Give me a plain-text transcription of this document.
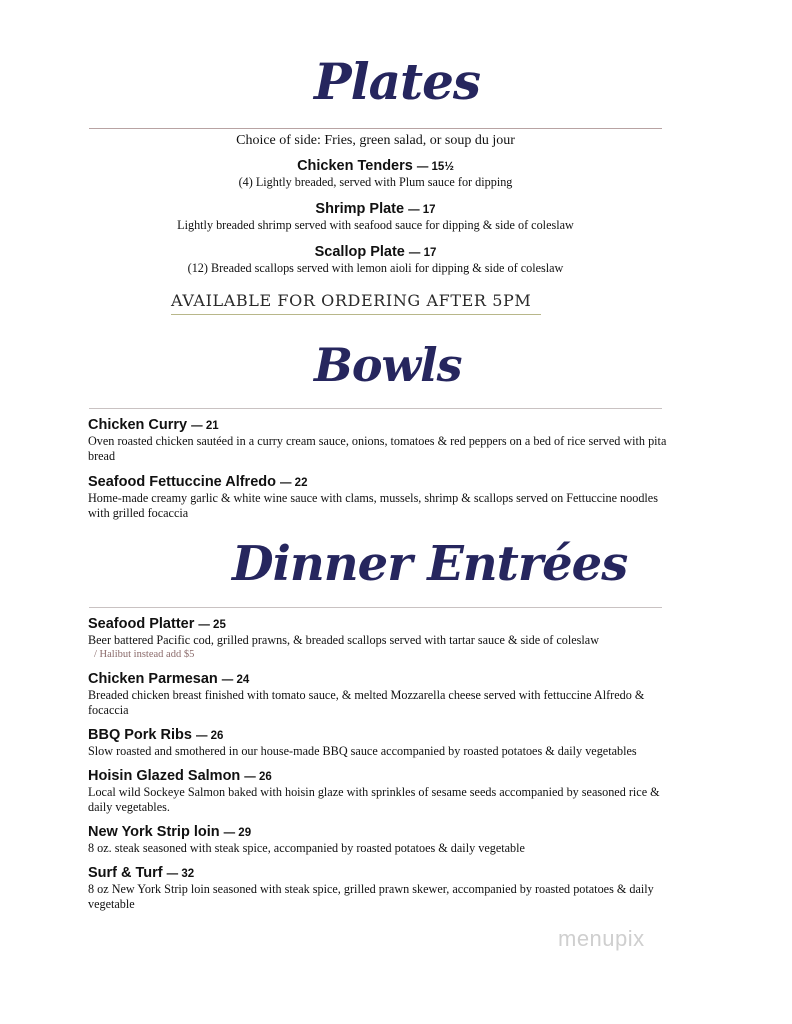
Plates
Choice of side: Fries, green salad, or soup du jour
Chicken Tenders — 15½
(4) Lightly breaded, served with Plum sauce for dipping
Shrimp Plate — 17
Lightly breaded shrimp served with seafood sauce for dipping & side of coleslaw
Scallop Plate — 17
(12) Breaded scallops served with lemon aioli for dipping & side of coleslaw
AVAILABLE FOR ORDERING AFTER 5PM
Bowls
Chicken Curry — 21
Oven roasted chicken sautéed in a curry cream sauce, onions, tomatoes & red peppers on a bed of rice served with pita bread
Seafood Fettuccine Alfredo — 22
Home-made creamy garlic & white wine sauce with clams, mussels, shrimp & scallops served on Fettuccine noodles with grilled focaccia
Dinner Entrées
Seafood Platter — 25
Beer battered Pacific cod, grilled prawns, & breaded scallops served with tartar sauce & side of coleslaw
/ Halibut instead add $5
Chicken Parmesan — 24
Breaded chicken breast finished with tomato sauce, & melted Mozzarella cheese served with fettuccine Alfredo & focaccia
BBQ Pork Ribs — 26
Slow roasted and smothered in our house-made BBQ sauce accompanied by roasted potatoes & daily vegetables
Hoisin Glazed Salmon — 26
Local wild Sockeye Salmon baked with hoisin glaze with sprinkles of sesame seeds accompanied by seasoned rice & daily vegetables.
New York Strip loin — 29
8 oz. steak seasoned with steak spice, accompanied by roasted potatoes & daily vegetable
Surf & Turf — 32
8 oz New York Strip loin seasoned with steak spice, grilled prawn skewer, accompanied by roasted potatoes & daily vegetable
menupix
